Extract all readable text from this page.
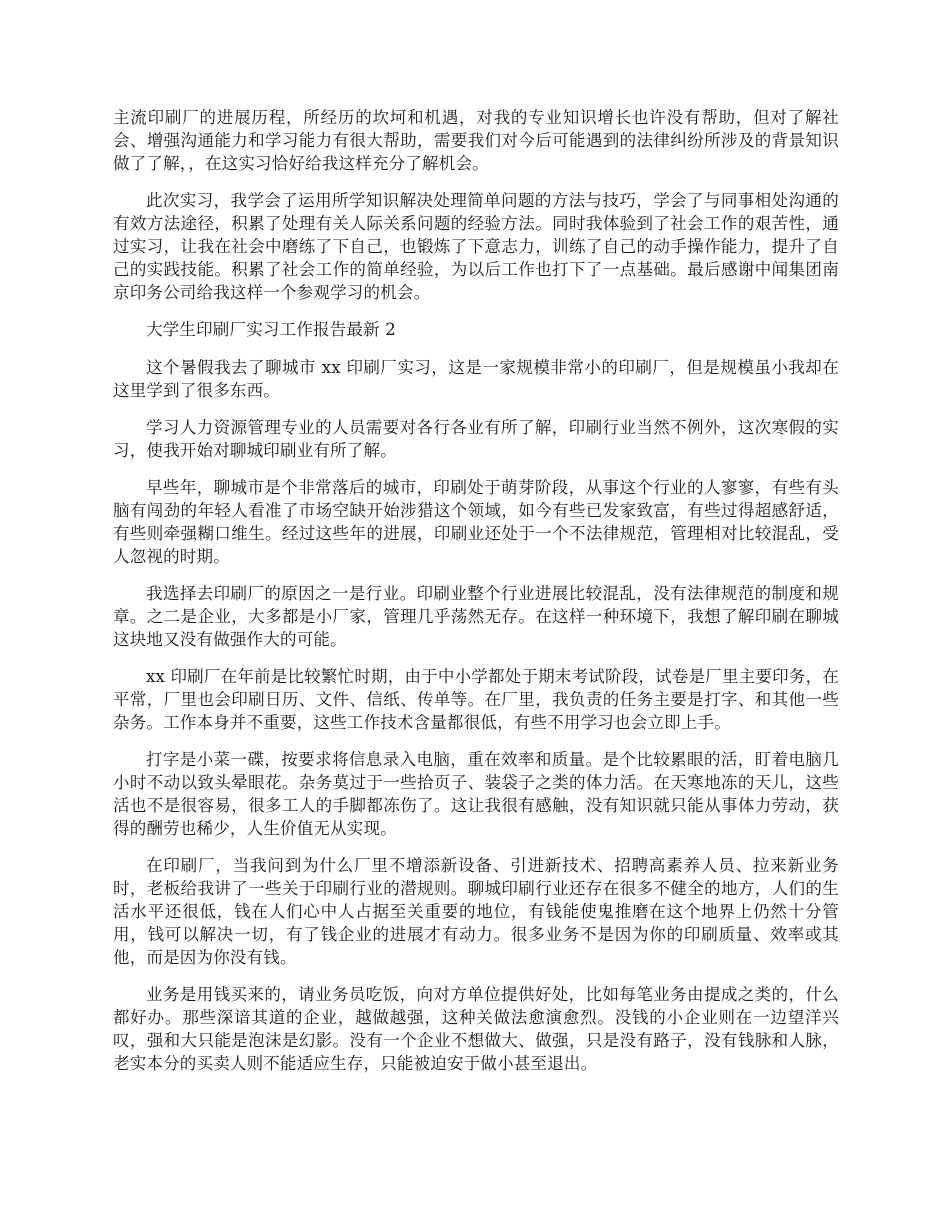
主流印刷厂的进展历程，所经历的坎坷和机遇，对我的专业知识增长也许没有帮助，但对了解社会、增强沟通能力和学习能力有很大帮助，需要我们对今后可能遇到的法律纠纷所涉及的背景知识做了了解，，在这实习恰好给我这样充分了解机会。

此次实习，我学会了运用所学知识解决处理简单问题的方法与技巧，学会了与同事相处沟通的有效方法途径，积累了处理有关人际关系问题的经验方法。同时我体验到了社会工作的艰苦性，通过实习，让我在社会中磨练了下自己，也锻炼了下意志力，训练了自己的动手操作能力，提升了自己的实践技能。积累了社会工作的简单经验，为以后工作也打下了一点基础。最后感谢中闻集团南京印务公司给我这样一个参观学习的机会。

大学生印刷厂实习工作报告最新 2

这个暑假我去了聊城市 xx 印刷厂实习，这是一家规模非常小的印刷厂，但是规模虽小我却在这里学到了很多东西。

学习人力资源管理专业的人员需要对各行各业有所了解，印刷行业当然不例外，这次寒假的实习，使我开始对聊城印刷业有所了解。

早些年，聊城市是个非常落后的城市，印刷处于萌芽阶段，从事这个行业的人寥寥，有些有头脑有闯劲的年轻人看准了市场空缺开始涉猎这个领域，如今有些已发家致富，有些过得超感舒适，有些则牵强糊口维生。经过这些年的进展，印刷业还处于一个不法律规范，管理相对比较混乱，受人忽视的时期。

我选择去印刷厂的原因之一是行业。印刷业整个行业进展比较混乱，没有法律规范的制度和规章。之二是企业，大多都是小厂家，管理几乎荡然无存。在这样一种环境下，我想了解印刷在聊城这块地又没有做强作大的可能。

xx 印刷厂在年前是比较繁忙时期，由于中小学都处于期末考试阶段，试卷是厂里主要印务，在平常，厂里也会印刷日历、文件、信纸、传单等。在厂里，我负责的任务主要是打字、和其他一些杂务。工作本身并不重要，这些工作技术含量都很低，有些不用学习也会立即上手。

打字是小菜一碟，按要求将信息录入电脑，重在效率和质量。是个比较累眼的活，盯着电脑几小时不动以致头晕眼花。杂务莫过于一些拾页子、装袋子之类的体力活。在天寒地冻的天儿，这些活也不是很容易，很多工人的手脚都冻伤了。这让我很有感触，没有知识就只能从事体力劳动，获得的酬劳也稀少，人生价值无从实现。

在印刷厂，当我问到为什么厂里不增添新设备、引进新技术、招聘高素养人员、拉来新业务时，老板给我讲了一些关于印刷行业的潜规则。聊城印刷行业还存在很多不健全的地方，人们的生活水平还很低，钱在人们心中人占据至关重要的地位，有钱能使鬼推磨在这个地界上仍然十分管用，钱可以解决一切，有了钱企业的进展才有动力。很多业务不是因为你的印刷质量、效率或其他，而是因为你没有钱。

业务是用钱买来的，请业务员吃饭，向对方单位提供好处，比如每笔业务由提成之类的，什么都好办。那些深谙其道的企业，越做越强，这种关做法愈演愈烈。没钱的小企业则在一边望洋兴叹，强和大只能是泡沫是幻影。没有一个企业不想做大、做强，只是没有路子，没有钱脉和人脉，老实本分的买卖人则不能适应生存，只能被迫安于做小甚至退出。
